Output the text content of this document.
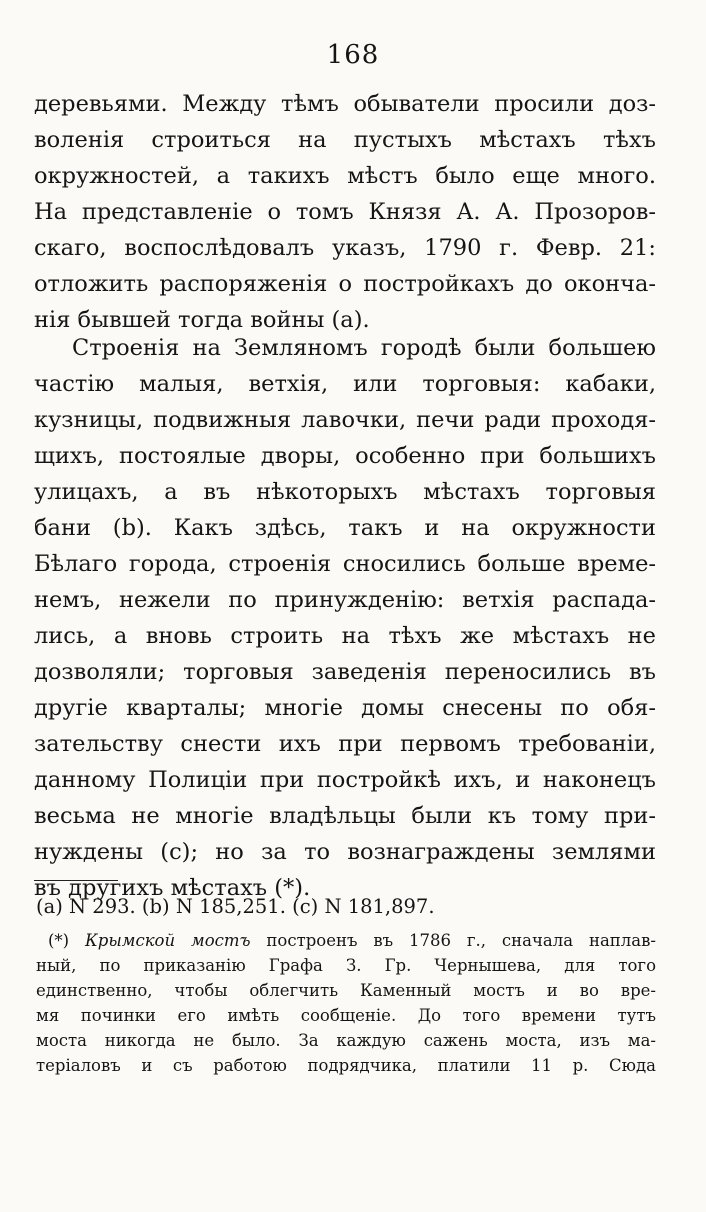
168
деревьями. Между тѣмъ обыватели просили доз-
воленія строиться на пустыхъ мѣстахъ тѣхъ
окружностей, а такихъ мѣстъ было еще много.
На представленіе о томъ Князя А. А. Прозоров-
скаго, воспослѣдовалъ указъ, 1790 г. Февр. 21:
отложить распоряженія о постройкахъ до оконча-
нія бывшей тогда войны (а).
Строенія на Земляномъ городѣ были большею
частію малыя, ветхія, или торговыя: кабаки,
кузницы, подвижныя лавочки, печи ради проходя-
щихъ, постоялые дворы, особенно при большихъ
улицахъ, а въ нѣкоторыхъ мѣстахъ торговыя
бани (b). Какъ здѣсь, такъ и на окружности
Бѣлаго города, строенія сносились больше време-
немъ, нежели по принужденію: ветхія распада-
лись, а вновь строить на тѣхъ же мѣстахъ не
дозволяли; торговыя заведенія переносились въ
другіе кварталы; многіе домы снесены по обя-
зательству снести ихъ при первомъ требованіи,
данному Полиціи при постройкѣ ихъ, и наконецъ
весьма не многіе владѣльцы были къ тому при-
нуждены (с); но за то вознаграждены землями
въ другихъ мѣстахъ (*).
(a) N 293. (b) N 185,251. (c) N 181,897.
(*) Крымской мостъ построенъ въ 1786 г., сначала наплав-
ный, по приказанію Графа З. Гр. Чернышева, для того
единственно, чтобы облегчить Каменный мостъ и во вре-
мя починки его имѣть сообщеніе. До того времени тутъ
моста никогда не было. За каждую сажень моста, изъ ма-
теріаловъ и съ работою подрядчика, платили 11 р. Сюда
